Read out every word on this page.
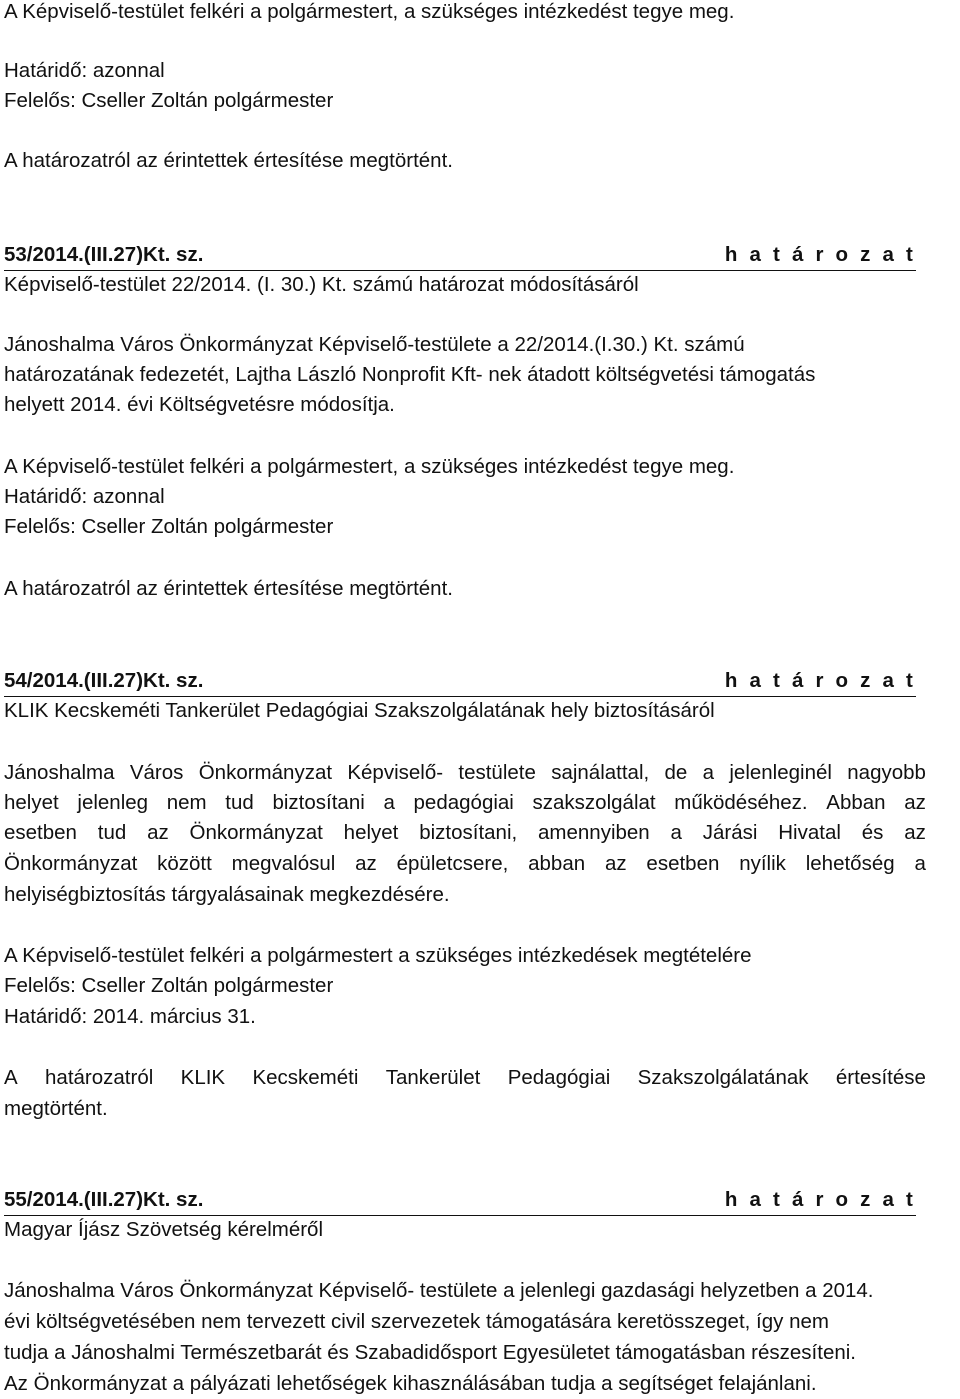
A Képviselő-testület felkéri a polgármestert, a szükséges intézkedést tegye meg.
Határidő: azonnal
Felelős: Cseller Zoltán polgármester
A határozatról az érintettek értesítése megtörtént.
53/2014.(III.27)Kt. sz.	h a t á r o z a t
Képviselő-testület 22/2014. (I. 30.) Kt. számú határozat módosításáról
Jánoshalma Város Önkormányzat Képviselő-testülete a 22/2014.(I.30.) Kt. számú
határozatának fedezetét, Lajtha László Nonprofit Kft- nek átadott költségvetési támogatás
helyett 2014. évi Költségvetésre módosítja.
A Képviselő-testület felkéri a polgármestert, a szükséges intézkedést tegye meg.
Határidő: azonnal
Felelős: Cseller Zoltán polgármester
A határozatról az érintettek értesítése megtörtént.
54/2014.(III.27)Kt. sz.	h a t á r o z a t
KLIK Kecskeméti Tankerület Pedagógiai Szakszolgálatának hely biztosításáról
Jánoshalma Város Önkormányzat Képviselő- testülete sajnálattal, de a jelenleginél nagyobb
helyet jelenleg nem tud biztosítani a pedagógiai szakszolgálat működéséhez. Abban az
esetben tud az Önkormányzat helyet biztosítani, amennyiben a Járási Hivatal és az
Önkormányzat között megvalósul az épületcsere, abban az esetben nyílik lehetőség a
helyiségbiztosítás tárgyalásainak megkezdésére.
A Képviselő-testület felkéri a polgármestert a szükséges intézkedések megtételére
Felelős: Cseller Zoltán polgármester
Határidő: 2014. március 31.
A határozatról KLIK Kecskeméti Tankerület Pedagógiai Szakszolgálatának értesítése
megtörtént.
55/2014.(III.27)Kt. sz.	h a t á r o z a t
Magyar Íjász Szövetség kérelméről
Jánoshalma Város Önkormányzat Képviselő- testülete a jelenlegi gazdasági helyzetben a 2014.
évi költségvetésében nem tervezett civil szervezetek támogatására keretösszeget, így nem
tudja a Jánoshalmi Természetbarát és Szabadidősport Egyesületet támogatásban részesíteni.
Az Önkormányzat a pályázati lehetőségek kihasználásában tudja a segítséget felajánlani.
